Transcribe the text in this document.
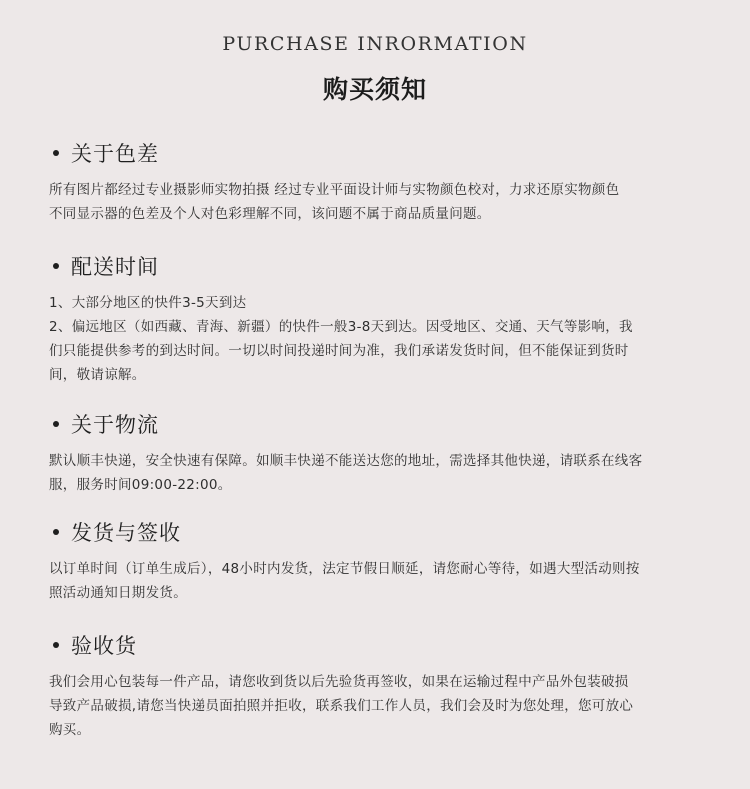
PURCHASE INRORMATION
购买须知
关于色差
所有图片都经过专业摄影师实物拍摄 经过专业平面设计师与实物颜色校对，力求还原实物颜色
不同显示器的色差及个人对色彩理解不同，该问题不属于商品质量问题。
配送时间
1、大部分地区的快件3-5天到达
2、偏远地区（如西藏、青海、新疆）的快件一般3-8天到达。因受地区、交通、天气等影响，我
们只能提供参考的到达时间。一切以时间投递时间为准，我们承诺发货时间，但不能保证到货时
间，敬请谅解。
关于物流
默认顺丰快递，安全快速有保障。如顺丰快递不能送达您的地址，需选择其他快递，请联系在线客
服，服务时间09:00-22:00。
发货与签收
以订单时间（订单生成后），48小时内发货，法定节假日顺延，请您耐心等待，如遇大型活动则按
照活动通知日期发货。
验收货
我们会用心包装每一件产品，请您收到货以后先验货再签收，如果在运输过程中产品外包装破损
导致产品破损,请您当快递员面拍照并拒收，联系我们工作人员，我们会及时为您处理，您可放心
购买。
